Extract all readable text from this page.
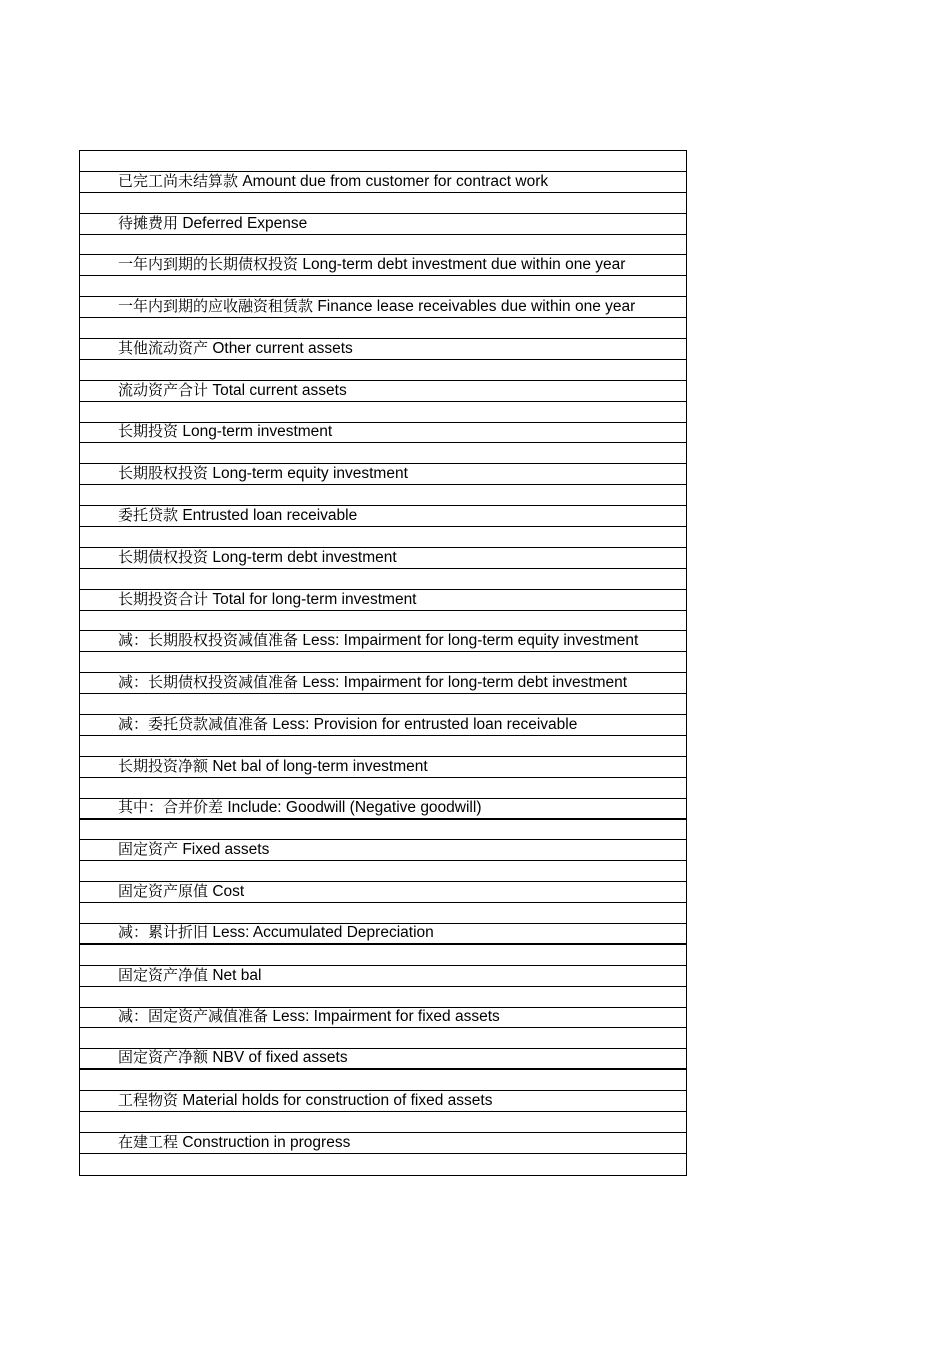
已完工尚未结算款 Amount due from customer for contract work
待摊费用 Deferred Expense
一年内到期的长期债权投资 Long-term debt investment due within one year
一年内到期的应收融资租赁款 Finance lease receivables due within one year
其他流动资产 Other current assets
流动资产合计 Total current assets
长期投资 Long-term investment
长期股权投资 Long-term equity investment
委托贷款 Entrusted loan receivable
长期债权投资 Long-term debt investment
长期投资合计 Total for long-term investment
减：长期股权投资减值准备 Less: Impairment for long-term equity investment
减：长期债权投资减值准备 Less: Impairment for long-term debt investment
减：委托贷款减值准备 Less: Provision for entrusted loan receivable
长期投资净额 Net bal of long-term investment
其中：合并价差 Include: Goodwill (Negative goodwill)
固定资产 Fixed assets
固定资产原值 Cost
减：累计折旧 Less: Accumulated Depreciation
固定资产净值 Net bal
减：固定资产减值准备 Less: Impairment for fixed assets
固定资产净额 NBV of fixed assets
工程物资 Material holds for construction of fixed assets
在建工程 Construction in progress
